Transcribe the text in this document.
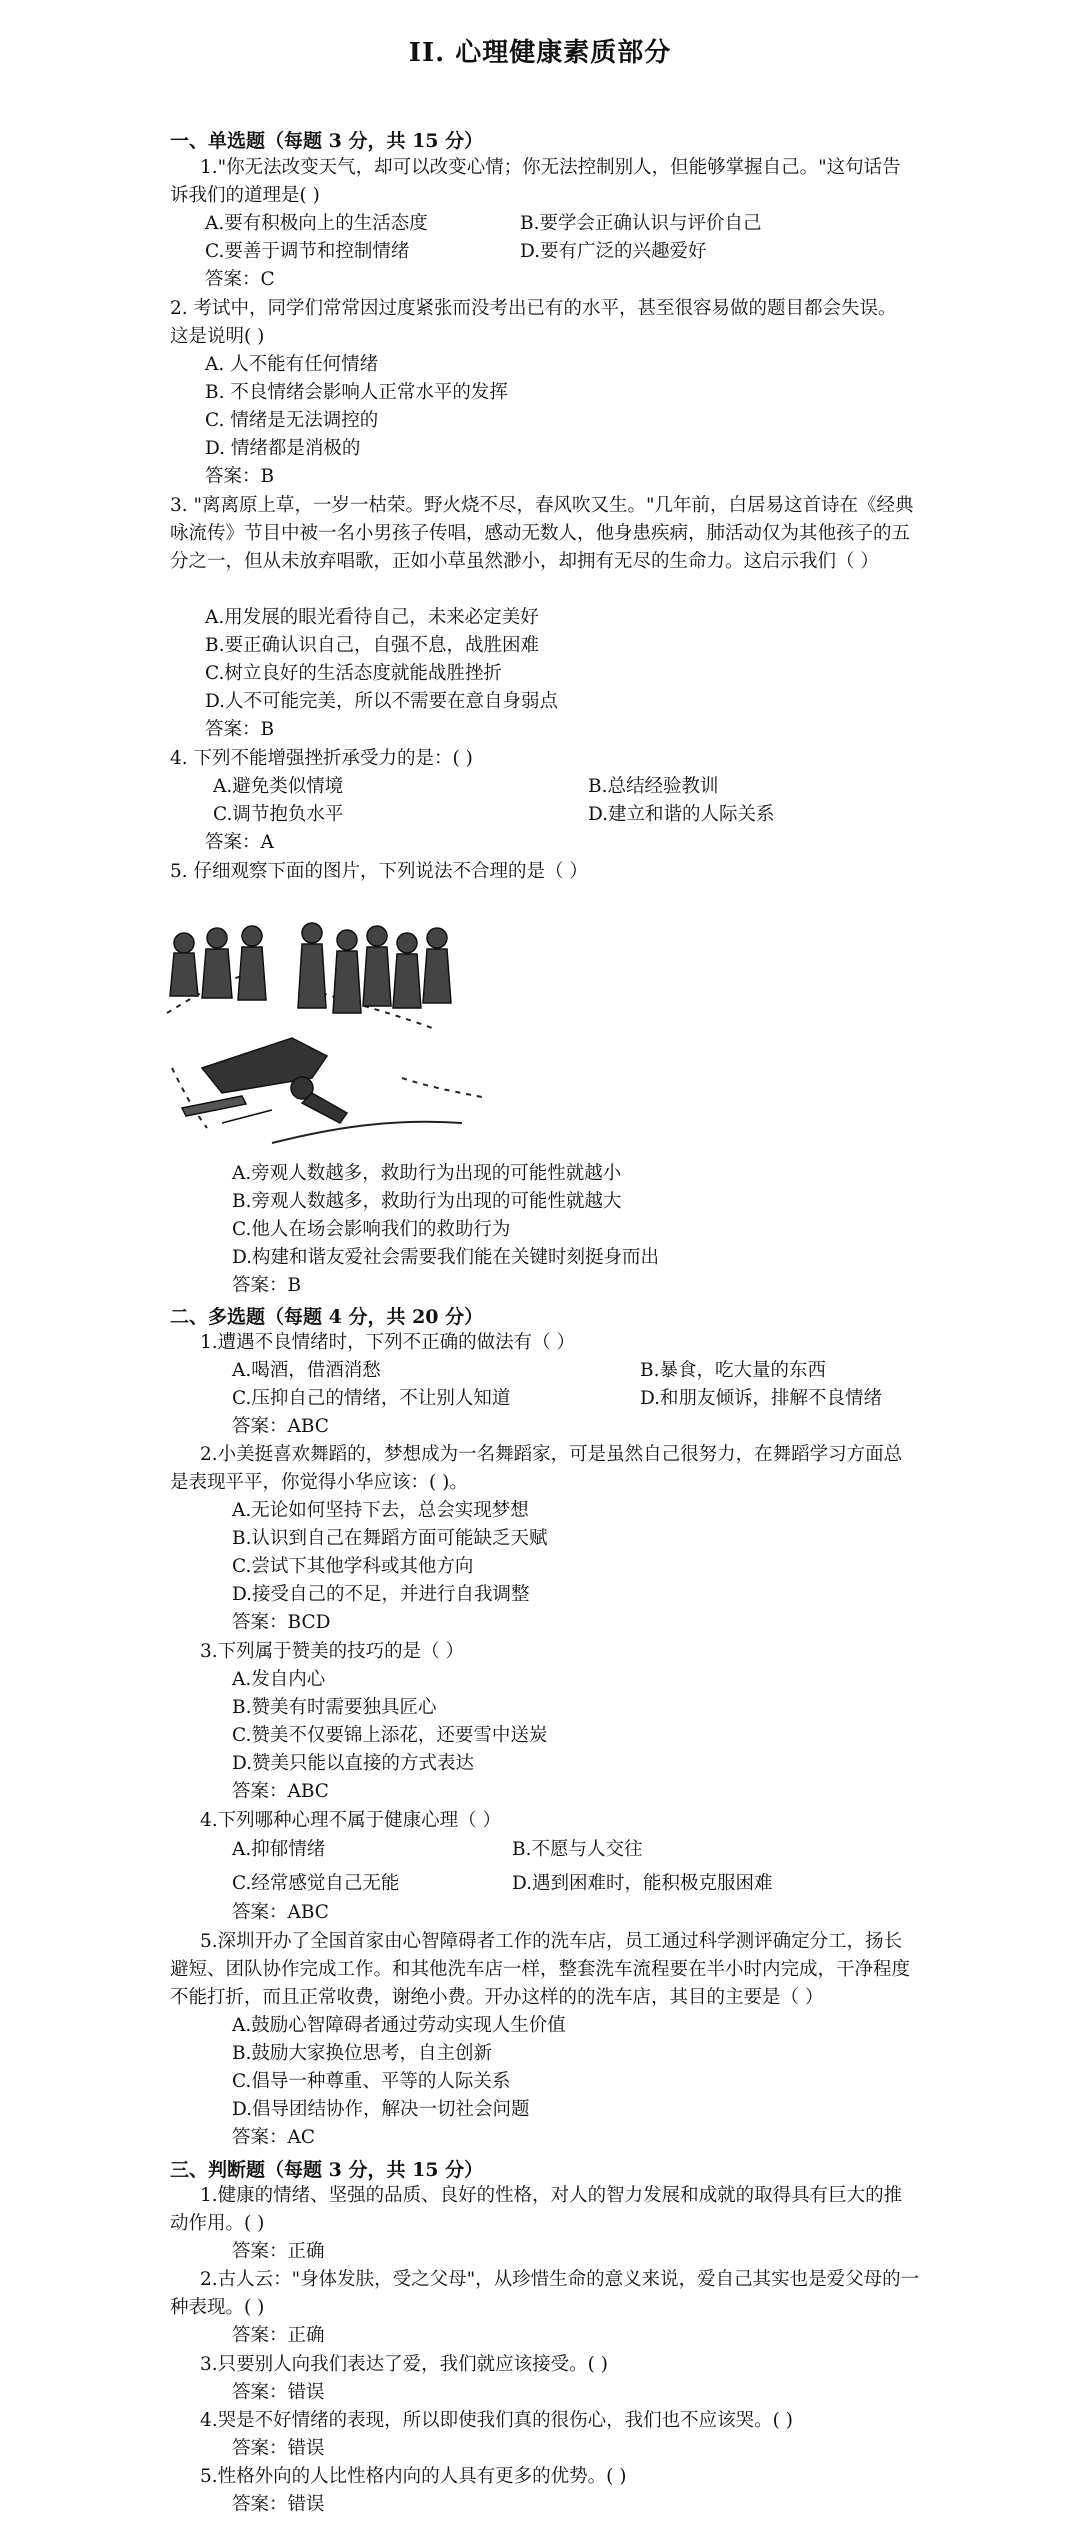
II. 心理健康素质部分
一、单选题（每题 3 分，共 15 分）
1."你无法改变天气，却可以改变心情；你无法控制别人，但能够掌握自己。"这句话告
诉我们的道理是( )
A.要有积极向上的生活态度	B.要学会正确认识与评价自己
C.要善于调节和控制情绪	D.要有广泛的兴趣爱好
答案：C
2. 考试中，同学们常常因过度紧张而没考出已有的水平，甚至很容易做的题目都会失误。
这是说明( )
A. 人不能有任何情绪
B. 不良情绪会影响人正常水平的发挥
C. 情绪是无法调控的
D. 情绪都是消极的
答案：B
3. "离离原上草，一岁一枯荣。野火烧不尽，春风吹又生。"几年前，白居易这首诗在《经典
咏流传》节目中被一名小男孩子传唱，感动无数人，他身患疾病，肺活动仅为其他孩子的五
分之一，但从未放弃唱歌，正如小草虽然渺小，却拥有无尽的生命力。这启示我们（ ）
A.用发展的眼光看待自己，未来必定美好
B.要正确认识自己，自强不息，战胜困难
C.树立良好的生活态度就能战胜挫折
D.人不可能完美，所以不需要在意自身弱点
答案：B
4. 下列不能增强挫折承受力的是：( )
A.避免类似情境	B.总结经验教训
C.调节抱负水平	D.建立和谐的人际关系
答案：A
5. 仔细观察下面的图片，下列说法不合理的是（ ）
A.旁观人数越多，救助行为出现的可能性就越小
B.旁观人数越多，救助行为出现的可能性就越大
C.他人在场会影响我们的救助行为
D.构建和谐友爱社会需要我们能在关键时刻挺身而出
答案：B
二、多选题（每题 4 分，共 20 分）
1.遭遇不良情绪时，下列不正确的做法有（ ）
A.喝酒，借酒消愁	B.暴食，吃大量的东西
C.压抑自己的情绪，不让别人知道	D.和朋友倾诉，排解不良情绪
答案：ABC
2.小美挺喜欢舞蹈的，梦想成为一名舞蹈家，可是虽然自己很努力，在舞蹈学习方面总
是表现平平，你觉得小华应该：( )。
A.无论如何坚持下去，总会实现梦想
B.认识到自己在舞蹈方面可能缺乏天赋
C.尝试下其他学科或其他方向
D.接受自己的不足，并进行自我调整
答案：BCD
3.下列属于赞美的技巧的是（ ）
A.发自内心
B.赞美有时需要独具匠心
C.赞美不仅要锦上添花，还要雪中送炭
D.赞美只能以直接的方式表达
答案：ABC
4.下列哪种心理不属于健康心理（ ）
A.抑郁情绪	B.不愿与人交往
C.经常感觉自己无能	D.遇到困难时，能积极克服困难
答案：ABC
5.深圳开办了全国首家由心智障碍者工作的洗车店，员工通过科学测评确定分工，扬长
避短、团队协作完成工作。和其他洗车店一样，整套洗车流程要在半小时内完成，干净程度
不能打折，而且正常收费，谢绝小费。开办这样的的洗车店，其目的主要是（ ）
A.鼓励心智障碍者通过劳动实现人生价值
B.鼓励大家换位思考，自主创新
C.倡导一种尊重、平等的人际关系
D.倡导团结协作，解决一切社会问题
答案：AC
三、判断题（每题 3 分，共 15 分）
1.健康的情绪、坚强的品质、良好的性格，对人的智力发展和成就的取得具有巨大的推
动作用。( )
答案：正确
2.古人云："身体发肤，受之父母"，从珍惜生命的意义来说，爱自己其实也是爱父母的一
种表现。( )
答案：正确
3.只要别人向我们表达了爱，我们就应该接受。( )
答案：错误
4.哭是不好情绪的表现，所以即使我们真的很伤心，我们也不应该哭。( )
答案：错误
5.性格外向的人比性格内向的人具有更多的优势。( )
答案：错误
